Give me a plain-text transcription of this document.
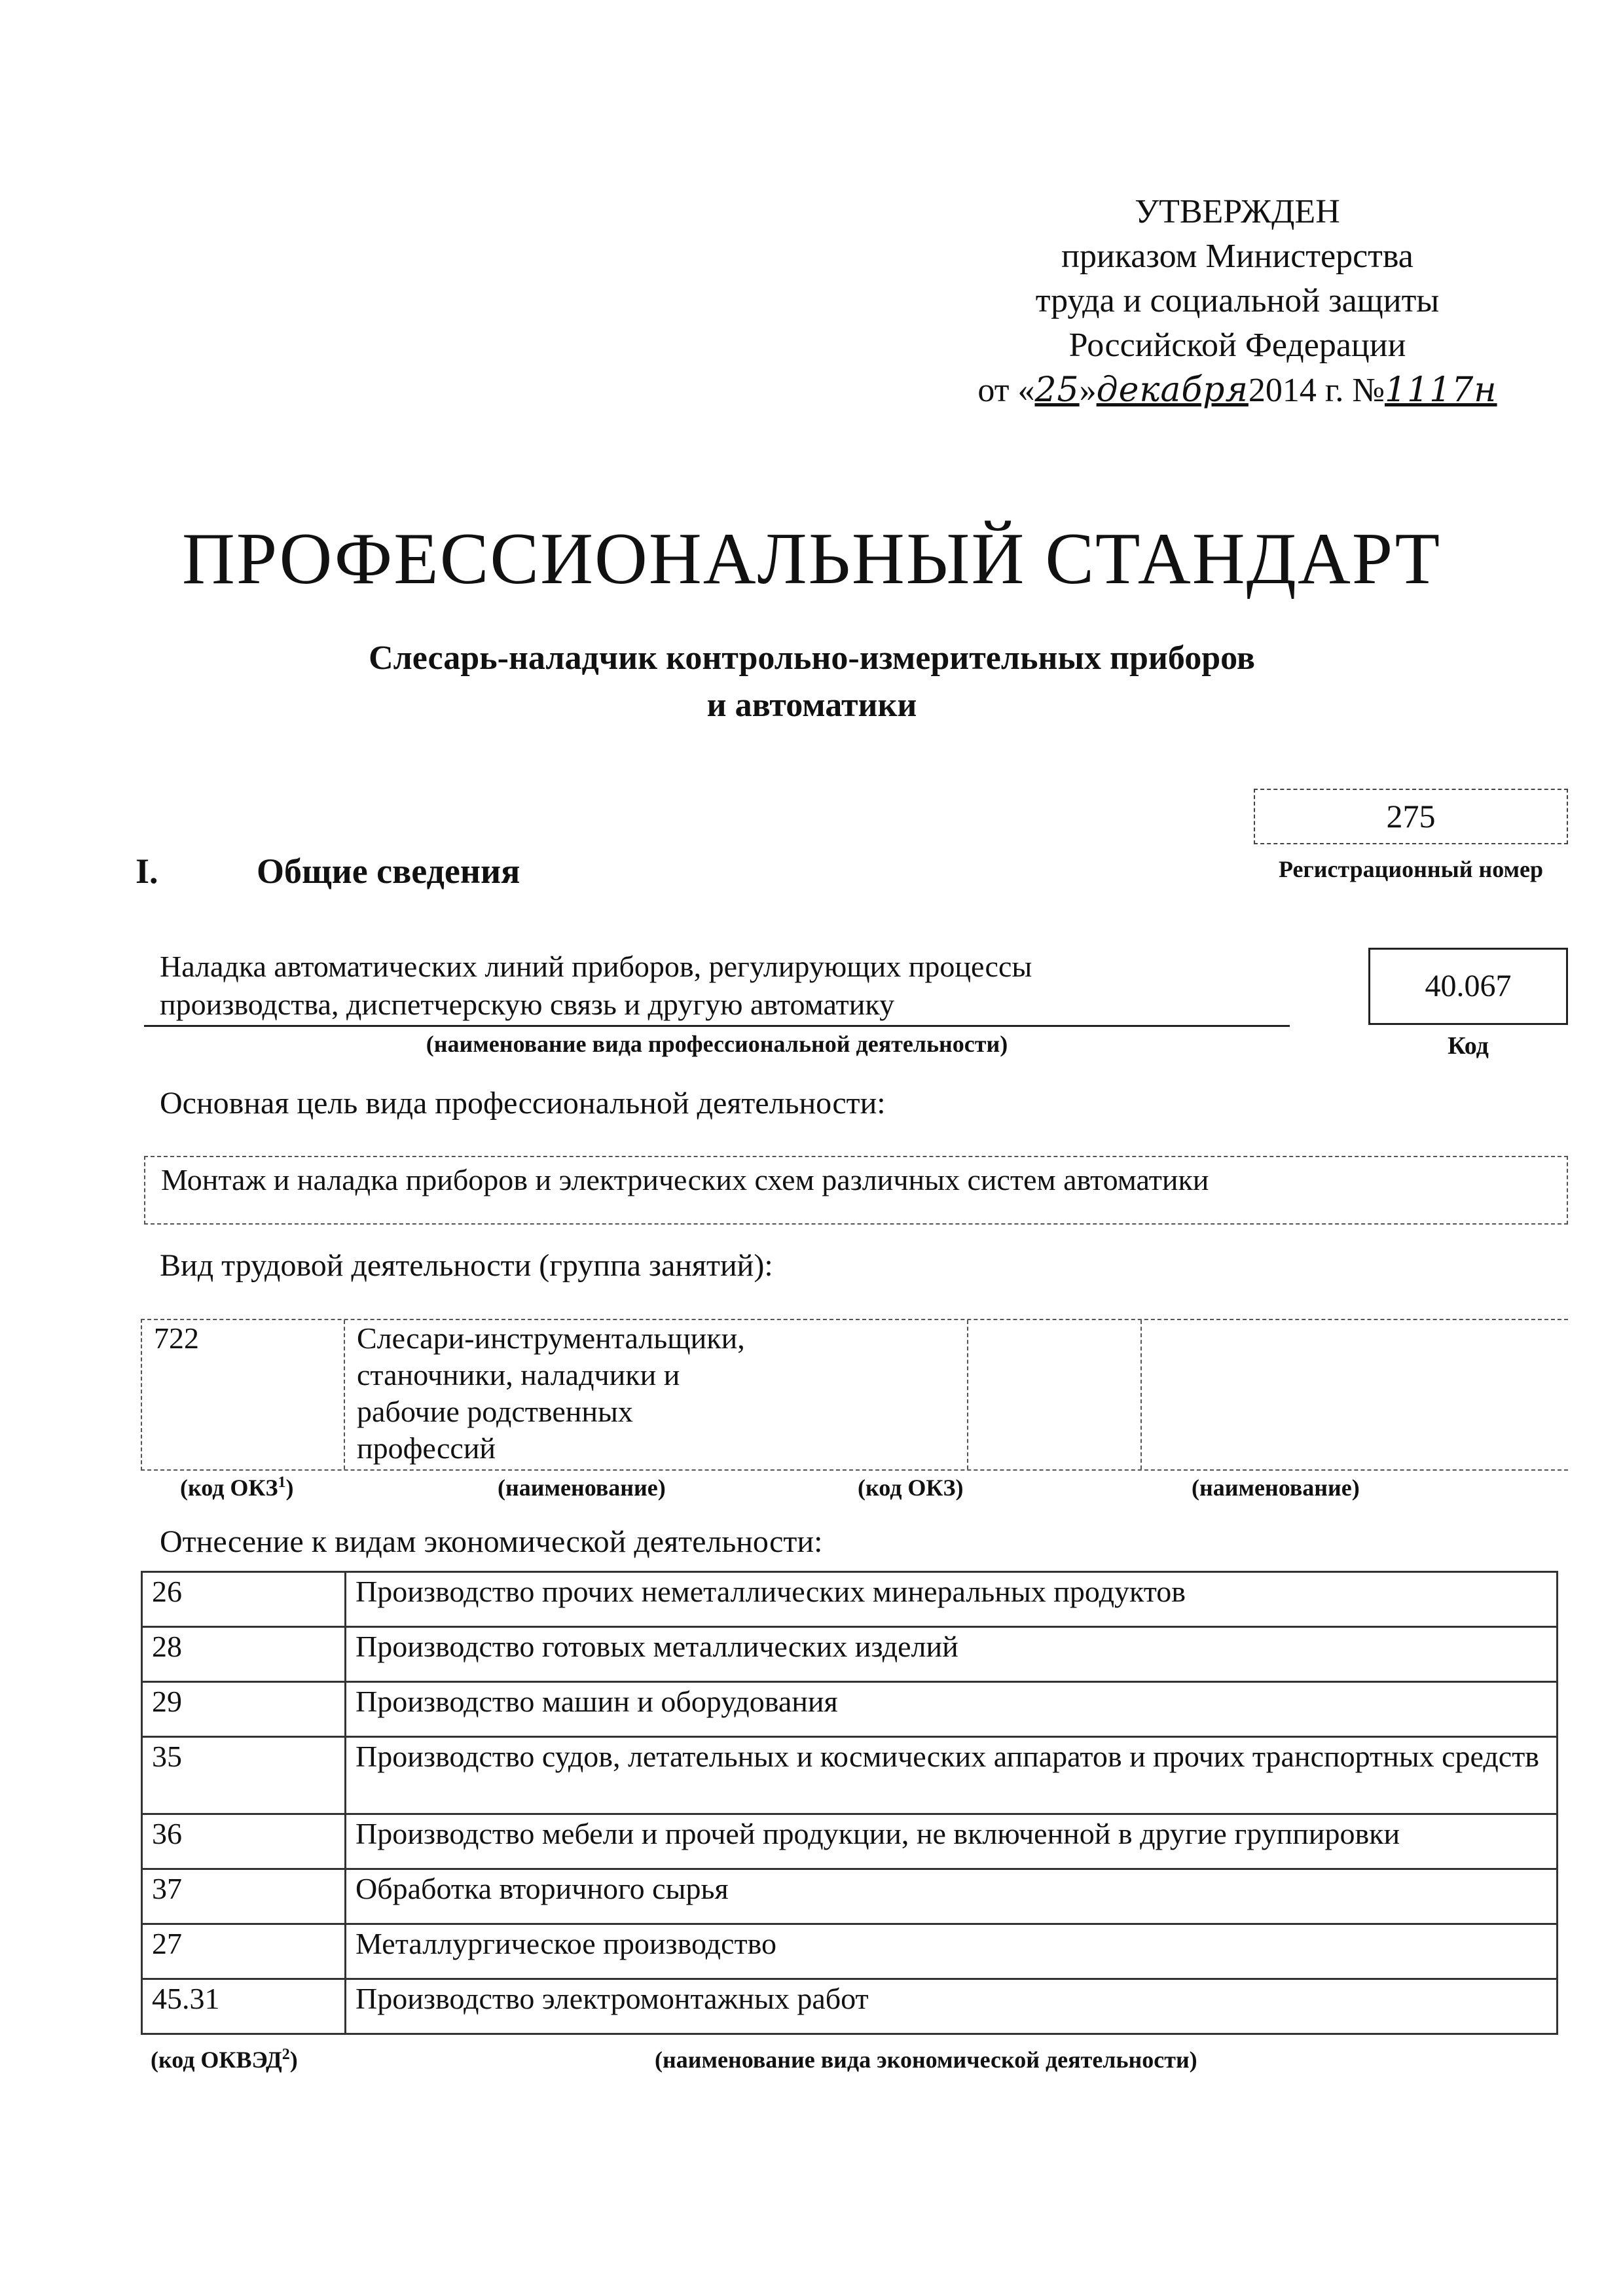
УТВЕРЖДЕН
приказом Министерства
труда и социальной защиты
Российской Федерации
от «25»декабря2014 г. №1117н
ПРОФЕССИОНАЛЬНЫЙ СТАНДАРТ
Слесарь-наладчик контрольно-измерительных приборов
и автоматики
275
Регистрационный номер
I.	Общие сведения
Наладка автоматических линий приборов, регулирующих процессы
производства, диспетчерскую связь и другую автоматику
(наименование вида профессиональной деятельности)
40.067
Код
Основная цель вида профессиональной деятельности:
Монтаж и наладка приборов и электрических схем различных систем автоматики
Вид трудовой деятельности (группа занятий):
722	Слесари-инструментальщики,
станочники, наладчики и
рабочие родственных
профессий
(код ОКЗ$^1$)	(наименование)	(код ОКЗ)	(наименование)
Отнесение к видам экономической деятельности:
26	Производство прочих неметаллических минеральных продуктов
28	Производство готовых металлических изделий
29	Производство машин и оборудования
35	Производство судов, летательных и космических аппаратов и прочих транспортных средств
36	Производство мебели и прочей продукции, не включенной в другие группировки
37	Обработка вторичного сырья
27	Металлургическое производство
45.31	Производство электромонтажных работ
(код ОКВЭД$^2$)	(наименование вида экономической деятельности)
